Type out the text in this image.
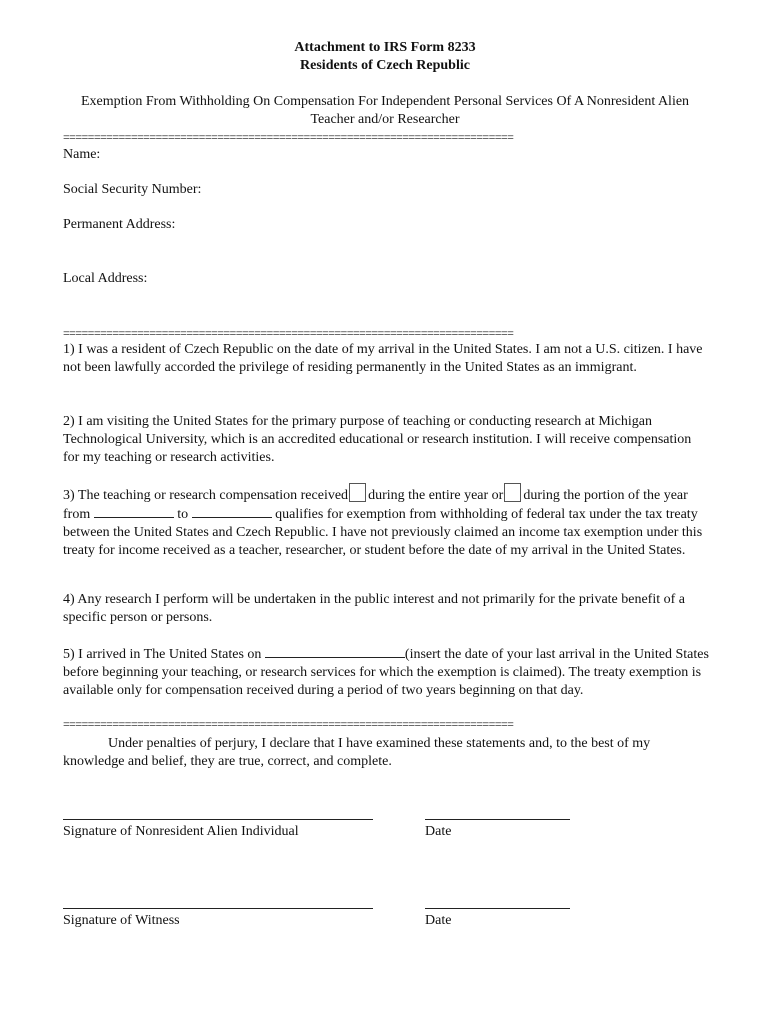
Attachment to IRS Form 8233
Residents of Czech Republic
Exemption From Withholding On Compensation For Independent Personal Services Of A Nonresident Alien Teacher and/or Researcher
=========================================================================
Name:
Social Security Number:
Permanent Address:
Local Address:
=========================================================================

1) I was a resident of Czech Republic on the date of my arrival in the United States. I am not a U.S. citizen. I have not been lawfully accorded the privilege of residing permanently in the United States as an immigrant.

2) I am visiting the United States for the primary purpose of teaching or conducting research at Michigan Technological University, which is an accredited educational or research institution. I will receive compensation for my teaching or research activities.

3) The teaching or research compensation received during the entire year or during the portion of the year from	to	qualifies for exemption from withholding of federal tax under the tax treaty between the United States and Czech Republic. I have not previously claimed an income tax exemption under this treaty for income received as a teacher, researcher, or student before the date of my arrival in the United States.

4) Any research I perform will be undertaken in the public interest and not primarily for the private benefit of a specific person or persons.

5) I arrived in The United States on	(insert the date of your last arrival in the United States before beginning your teaching, or research services for which the exemption is claimed). The treaty exemption is available only for compensation received during a period of two years beginning on that day.

=========================================================================

Under penalties of perjury, I declare that I have examined these statements and, to the best of my knowledge and belief, they are true, correct, and complete.

Signature of Nonresident Alien Individual	Date
Signature of Witness	Date
